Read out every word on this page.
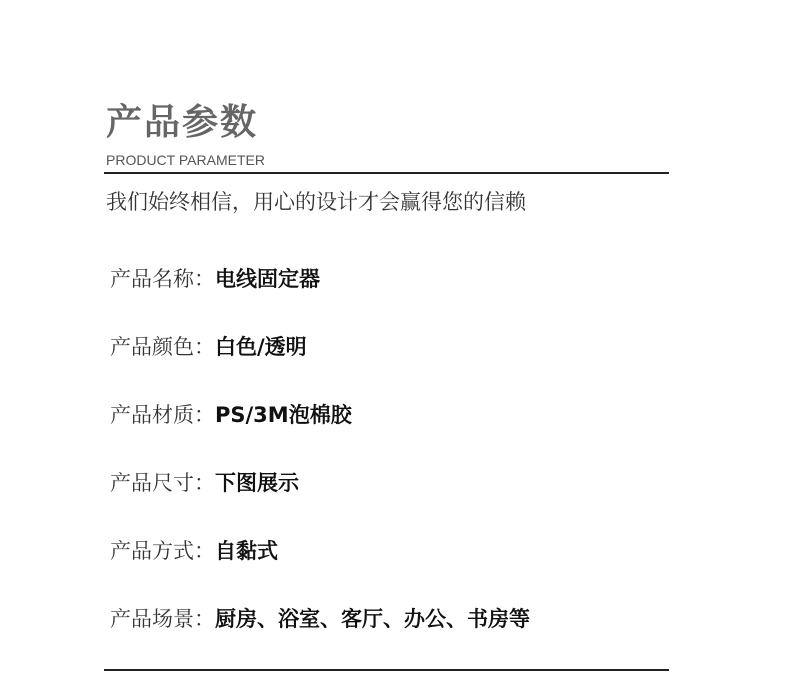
产品参数
PRODUCT PARAMETER
我们始终相信，用心的设计才会赢得您的信赖
产品名称：电线固定器
产品颜色：白色/透明
产品材质：PS/3M泡棉胶
产品尺寸：下图展示
产品方式：自黏式
产品场景：厨房、浴室、客厅、办公、书房等
